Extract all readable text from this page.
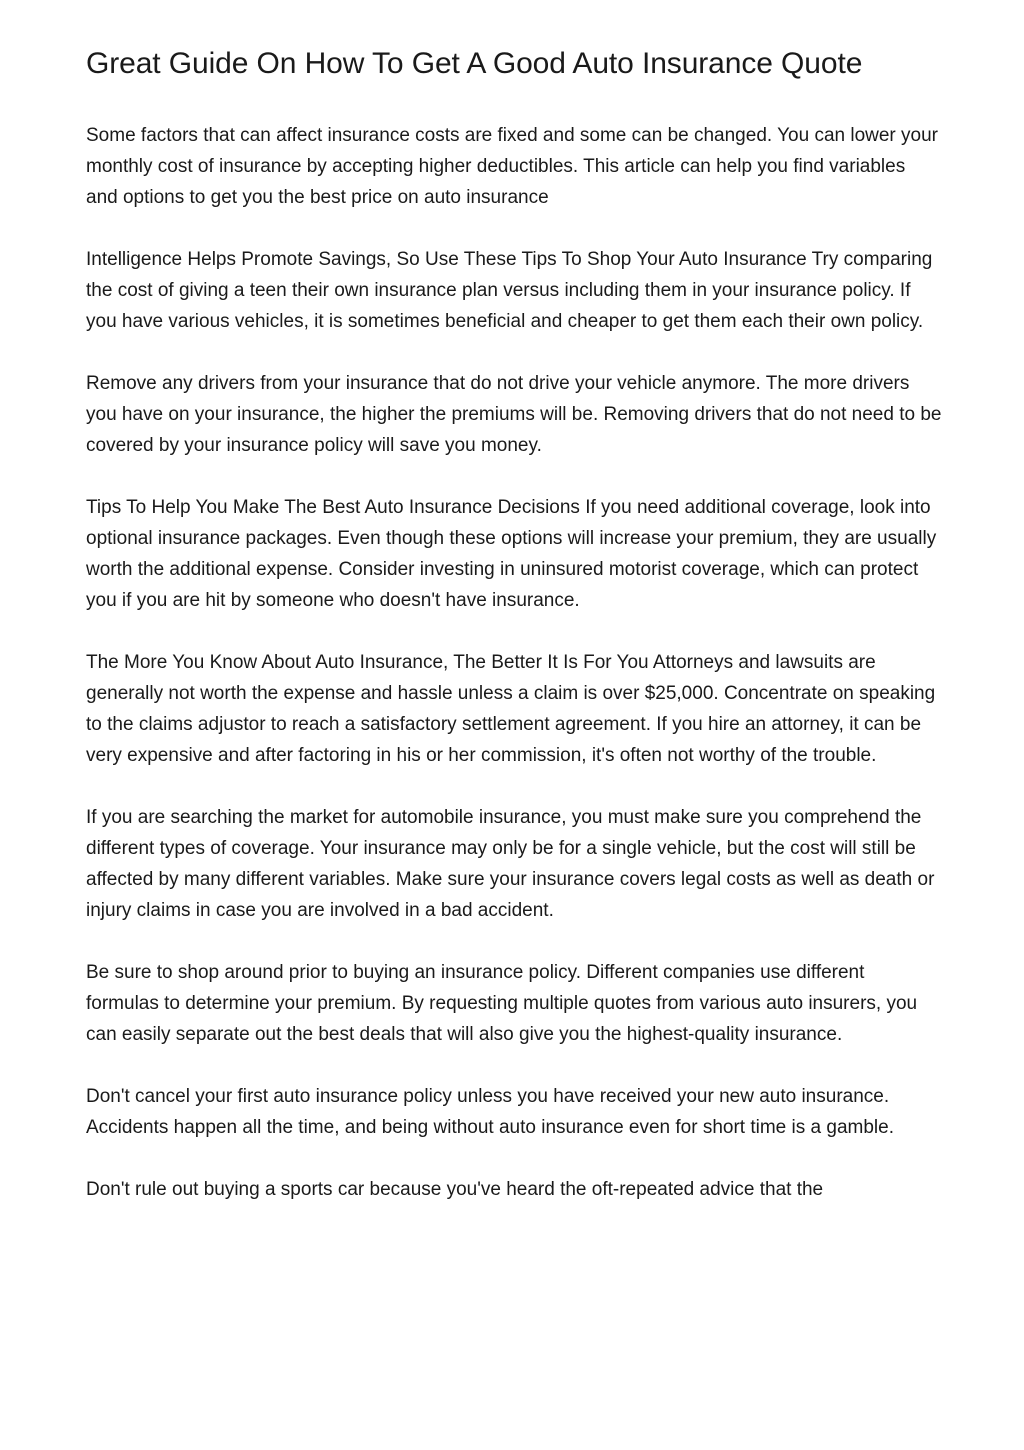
Great Guide On How To Get A Good Auto Insurance Quote

Some factors that can affect insurance costs are fixed and some can be changed. You can lower your monthly cost of insurance by accepting higher deductibles. This article can help you find variables and options to get you the best price on auto insurance

Intelligence Helps Promote Savings, So Use These Tips To Shop Your Auto Insurance Try comparing the cost of giving a teen their own insurance plan versus including them in your insurance policy. If you have various vehicles, it is sometimes beneficial and cheaper to get them each their own policy.

Remove any drivers from your insurance that do not drive your vehicle anymore. The more drivers you have on your insurance, the higher the premiums will be. Removing drivers that do not need to be covered by your insurance policy will save you money.

Tips To Help You Make The Best Auto Insurance Decisions If you need additional coverage, look into optional insurance packages. Even though these options will increase your premium, they are usually worth the additional expense. Consider investing in uninsured motorist coverage, which can protect you if you are hit by someone who doesn't have insurance.

The More You Know About Auto Insurance, The Better It Is For You Attorneys and lawsuits are generally not worth the expense and hassle unless a claim is over $25,000. Concentrate on speaking to the claims adjustor to reach a satisfactory settlement agreement. If you hire an attorney, it can be very expensive and after factoring in his or her commission, it's often not worthy of the trouble.

If you are searching the market for automobile insurance, you must make sure you comprehend the different types of coverage. Your insurance may only be for a single vehicle, but the cost will still be affected by many different variables. Make sure your insurance covers legal costs as well as death or injury claims in case you are involved in a bad accident.

Be sure to shop around prior to buying an insurance policy. Different companies use different formulas to determine your premium. By requesting multiple quotes from various auto insurers, you can easily separate out the best deals that will also give you the highest-quality insurance.

Don't cancel your first auto insurance policy unless you have received your new auto insurance. Accidents happen all the time, and being without auto insurance even for short time is a gamble.

Don't rule out buying a sports car because you've heard the oft-repeated advice that the
